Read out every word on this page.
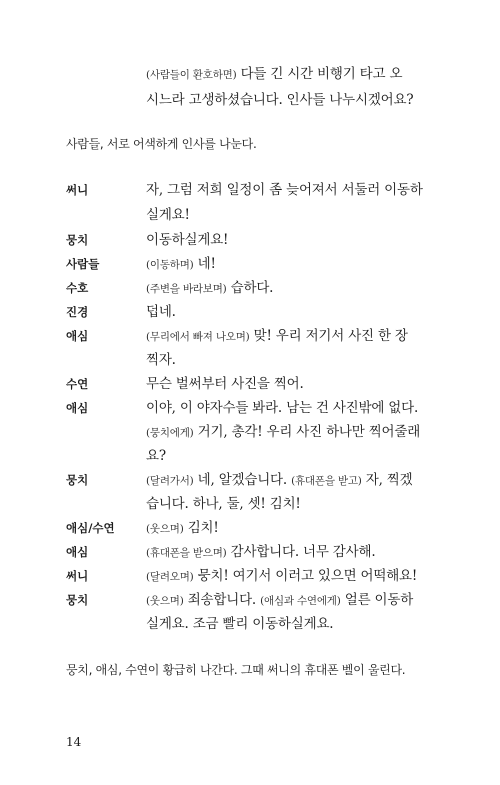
(사람들이 환호하면) 다들 긴 시간 비행기 타고 오
시느라 고생하셨습니다. 인사들 나누시겠어요?
사람들, 서로 어색하게 인사를 나눈다.
써니	자, 그럼 저희 일정이 좀 늦어져서 서둘러 이동하
실게요!
뭉치	이동하실게요!
사람들	(이동하며) 네!
수호	(주변을 바라보며) 습하다.
진경	덥네.
애심	(무리에서 빠져 나오며) 맞! 우리 저기서 사진 한 장
찍자.
수연	무슨 벌써부터 사진을 찍어.
애심	이야, 이 야자수들 봐라. 남는 건 사진밖에 없다.
(뭉치에게) 거기, 총각! 우리 사진 하나만 찍어줄래
요?
뭉치	(달려가서) 네, 알겠습니다. (휴대폰을 받고) 자, 찍겠
습니다. 하나, 둘, 셋! 김치!
애심/수연	(웃으며) 김치!
애심	(휴대폰을 받으며) 감사합니다. 너무 감사해.
써니	(달려오며) 뭉치! 여기서 이러고 있으면 어떡해요!
뭉치	(웃으며) 죄송합니다. (애심과 수연에게) 얼른 이동하
실게요. 조금 빨리 이동하실게요.
뭉치, 애심, 수연이 황급히 나간다. 그때 써니의 휴대폰 벨이 울린다.
14
